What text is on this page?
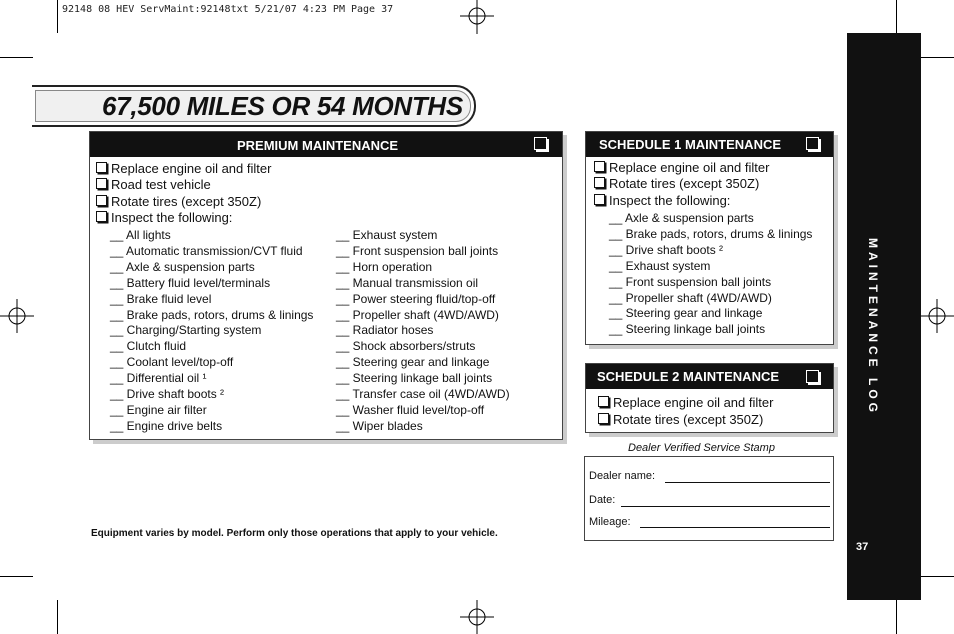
92148 08 HEV ServMaint:92148txt 5/21/07 4:23 PM Page 37
67,500 MILES OR 54 MONTHS
PREMIUM MAINTENANCE
Replace engine oil and filter
Road test vehicle
Rotate tires (except 350Z)
Inspect the following:
__ All lights
__ Automatic transmission/CVT fluid
__ Axle & suspension parts
__ Battery fluid level/terminals
__ Brake fluid level
__ Brake pads, rotors, drums & linings
__ Charging/Starting system
__ Clutch fluid
__ Coolant level/top-off
__ Differential oil ¹
__ Drive shaft boots ²
__ Engine air filter
__ Engine drive belts
__ Exhaust system
__ Front suspension ball joints
__ Horn operation
__ Manual transmission oil
__ Power steering fluid/top-off
__ Propeller shaft (4WD/AWD)
__ Radiator hoses
__ Shock absorbers/struts
__ Steering gear and linkage
__ Steering linkage ball joints
__ Transfer case oil (4WD/AWD)
__ Washer fluid level/top-off
__ Wiper blades
SCHEDULE 1 MAINTENANCE
Replace engine oil and filter
Rotate tires (except 350Z)
Inspect the following:
__ Axle & suspension parts
__ Brake pads, rotors, drums & linings
__ Drive shaft boots ²
__ Exhaust system
__ Front suspension ball joints
__ Propeller shaft (4WD/AWD)
__ Steering gear and linkage
__ Steering linkage ball joints
SCHEDULE 2 MAINTENANCE
Replace engine oil and filter
Rotate tires (except 350Z)
Dealer Verified Service Stamp
Dealer name:
Date:
Mileage:
Equipment varies by model. Perform only those operations that apply to your vehicle.
MAINTENANCE LOG
37
